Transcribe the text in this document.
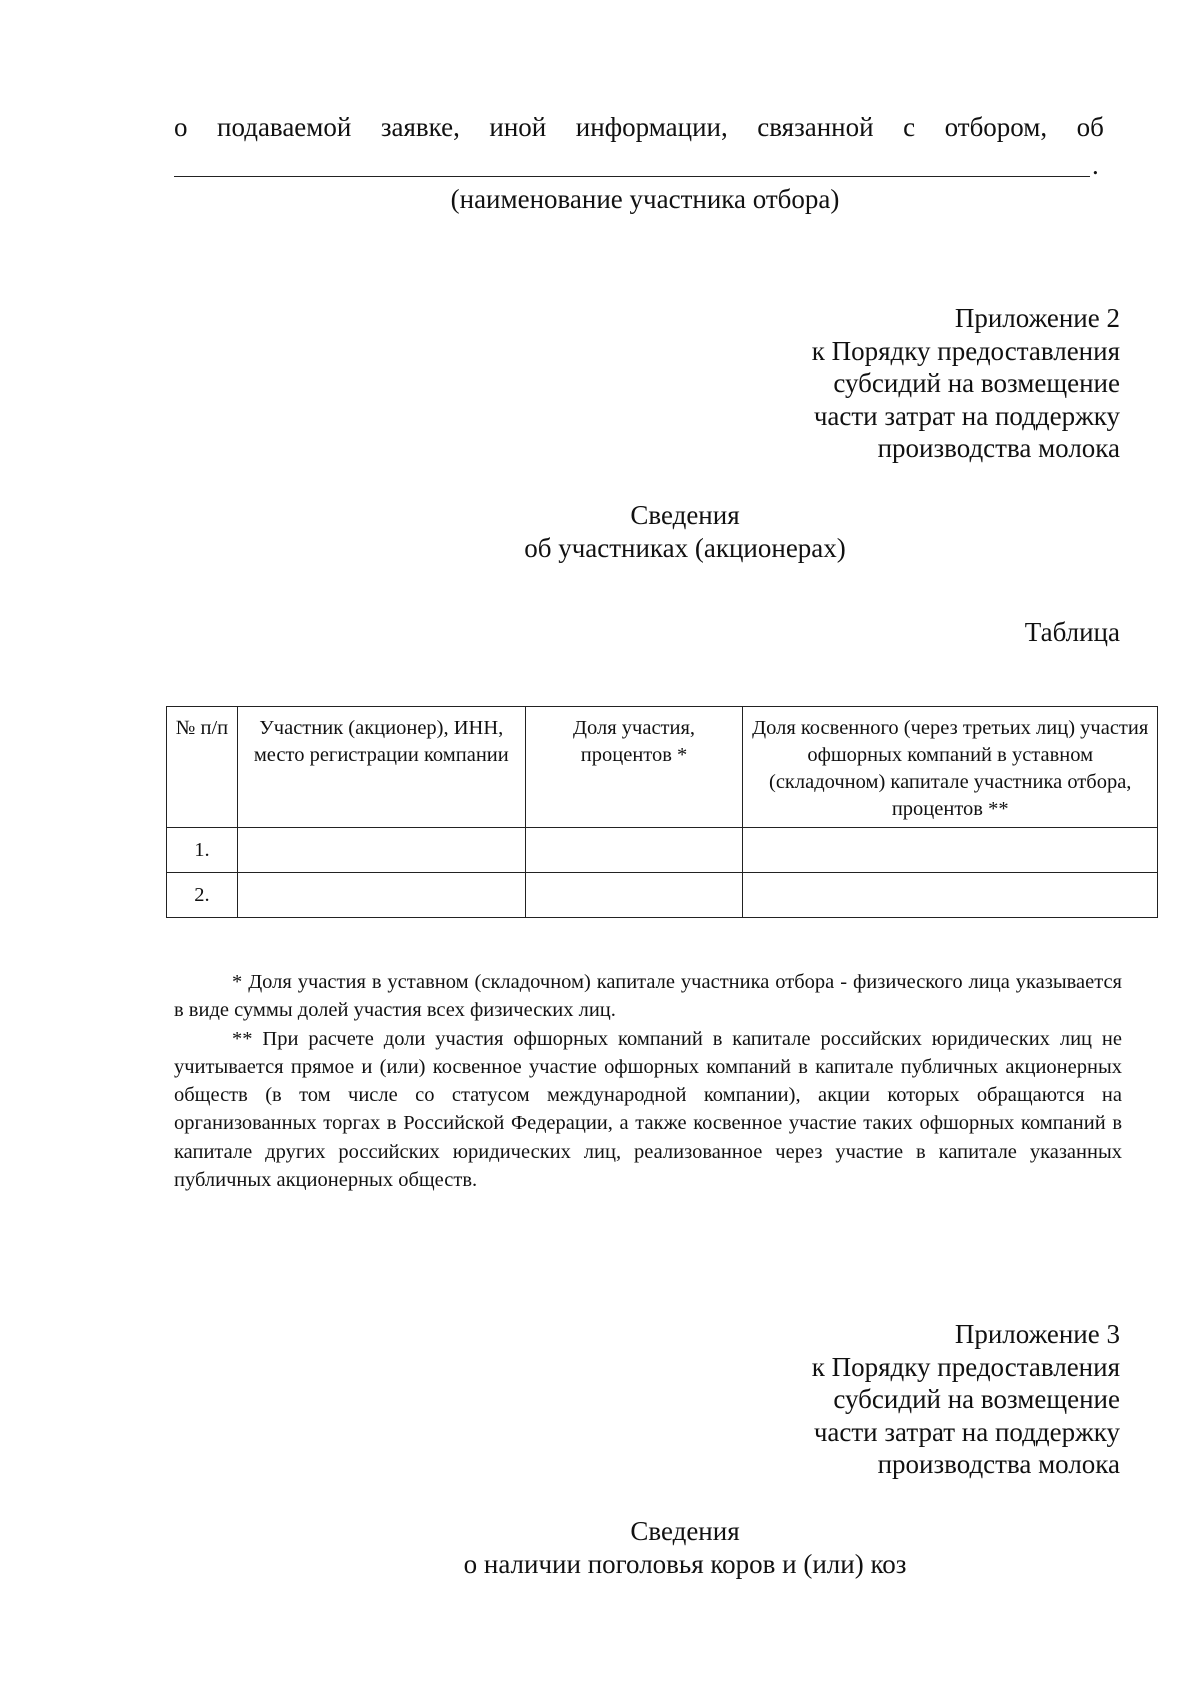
о подаваемой заявке, иной информации, связанной с отбором, об
.
(наименование участника отбора)
Приложение 2
к Порядку предоставления
субсидий на возмещение
части затрат на поддержку
производства молока
Сведения
об участниках (акционерах)
Таблица
№ п/п	Участник (акционер), ИНН, место регистрации компании	Доля участия, процентов *	Доля косвенного (через третьих лиц) участия офшорных компаний в уставном (складочном) капитале участника отбора, процентов **
1.			
2.			

* Доля участия в уставном (складочном) капитале участника отбора - физического лица указывается в виде суммы долей участия всех физических лиц.

** При расчете доли участия офшорных компаний в капитале российских юридических лиц не учитывается прямое и (или) косвенное участие офшорных компаний в капитале публичных акционерных обществ (в том числе со статусом международной компании), акции которых обращаются на организованных торгах в Российской Федерации, а также косвенное участие таких офшорных компаний в капитале других российских юридических лиц, реализованное через участие в капитале указанных публичных акционерных обществ.

Приложение 3
к Порядку предоставления
субсидий на возмещение
части затрат на поддержку
производства молока
Сведения
о наличии поголовья коров и (или) коз
